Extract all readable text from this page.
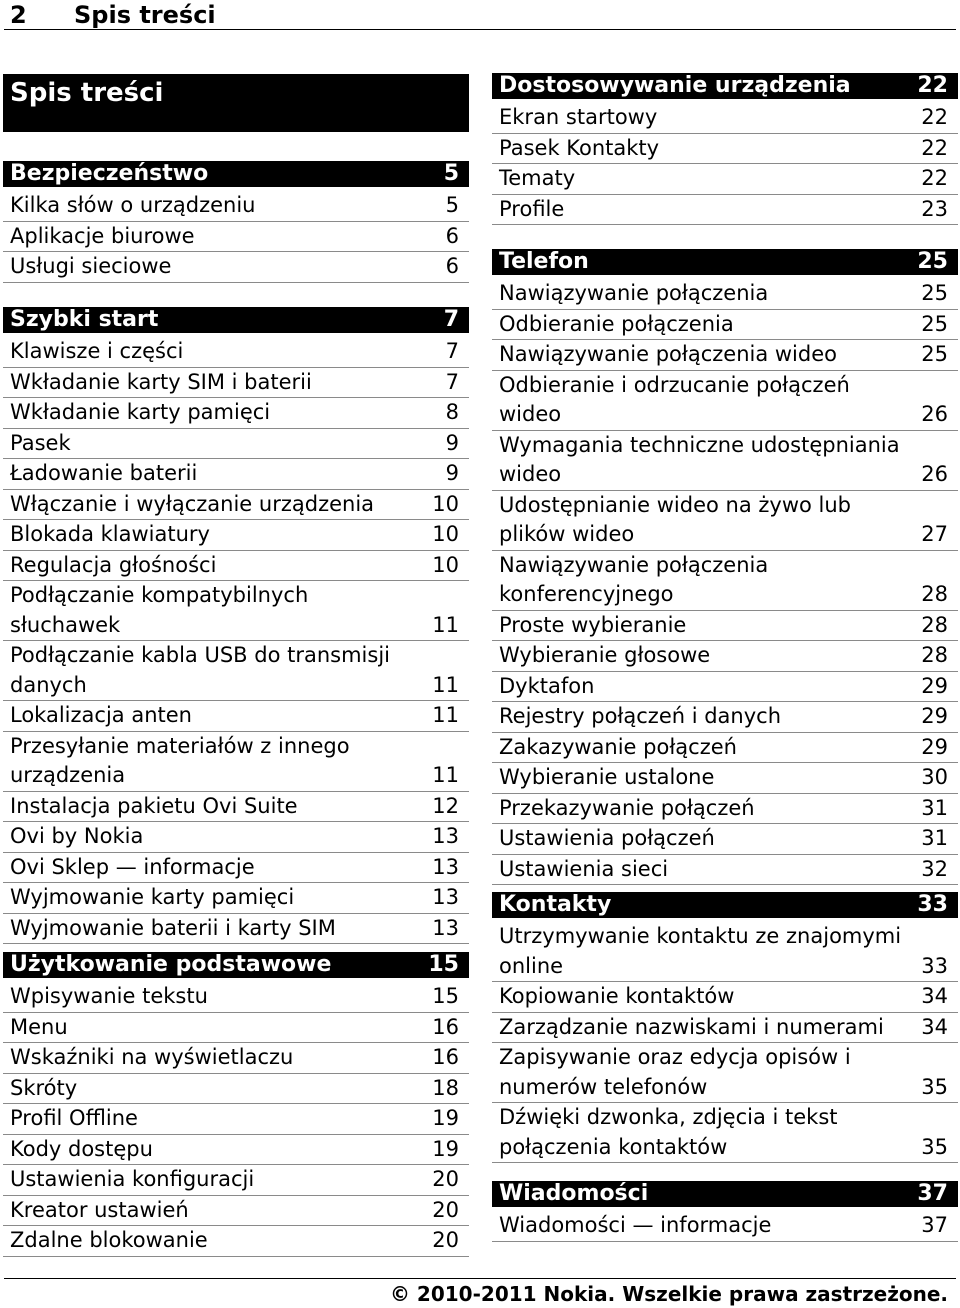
2 Spis treści
Spis treści
Bezpieczeństwo	5
Kilka słów o urządzeniu	5
Aplikacje biurowe	6
Usługi sieciowe	6
Szybki start	7
Klawisze i części	7
Wkładanie karty SIM i baterii	7
Wkładanie karty pamięci	8
Pasek	9
Ładowanie baterii	9
Włączanie i wyłączanie urządzenia	10
Blokada klawiatury	10
Regulacja głośności	10
Podłączanie kompatybilnych
słuchawek	11
Podłączanie kabla USB do transmisji
danych	11
Lokalizacja anten	11
Przesyłanie materiałów z innego
urządzenia	11
Instalacja pakietu Ovi Suite	12
Ovi by Nokia	13
Ovi Sklep — informacje	13
Wyjmowanie karty pamięci	13
Wyjmowanie baterii i karty SIM	13
Użytkowanie podstawowe	15
Wpisywanie tekstu	15
Menu	16
Wskaźniki na wyświetlaczu	16
Skróty	18
Profil Offline	19
Kody dostępu	19
Ustawienia konfiguracji	20
Kreator ustawień	20
Zdalne blokowanie	20
Dostosowywanie urządzenia	22
Ekran startowy	22
Pasek Kontakty	22
Tematy	22
Profile	23
Telefon	25
Nawiązywanie połączenia	25
Odbieranie połączenia	25
Nawiązywanie połączenia wideo	25
Odbieranie i odrzucanie połączeń
wideo	26
Wymagania techniczne udostępniania
wideo	26
Udostępnianie wideo na żywo lub
plików wideo	27
Nawiązywanie połączenia
konferencyjnego	28
Proste wybieranie	28
Wybieranie głosowe	28
Dyktafon	29
Rejestry połączeń i danych	29
Zakazywanie połączeń	29
Wybieranie ustalone	30
Przekazywanie połączeń	31
Ustawienia połączeń	31
Ustawienia sieci	32
Kontakty	33
Utrzymywanie kontaktu ze znajomymi
online	33
Kopiowanie kontaktów	34
Zarządzanie nazwiskami i numerami 34
Zapisywanie oraz edycja opisów i
numerów telefonów	35
Dźwięki dzwonka, zdjęcia i tekst
połączenia kontaktów	35
Wiadomości	37
Wiadomości — informacje	37
© 2010-2011 Nokia. Wszelkie prawa zastrzeżone.
